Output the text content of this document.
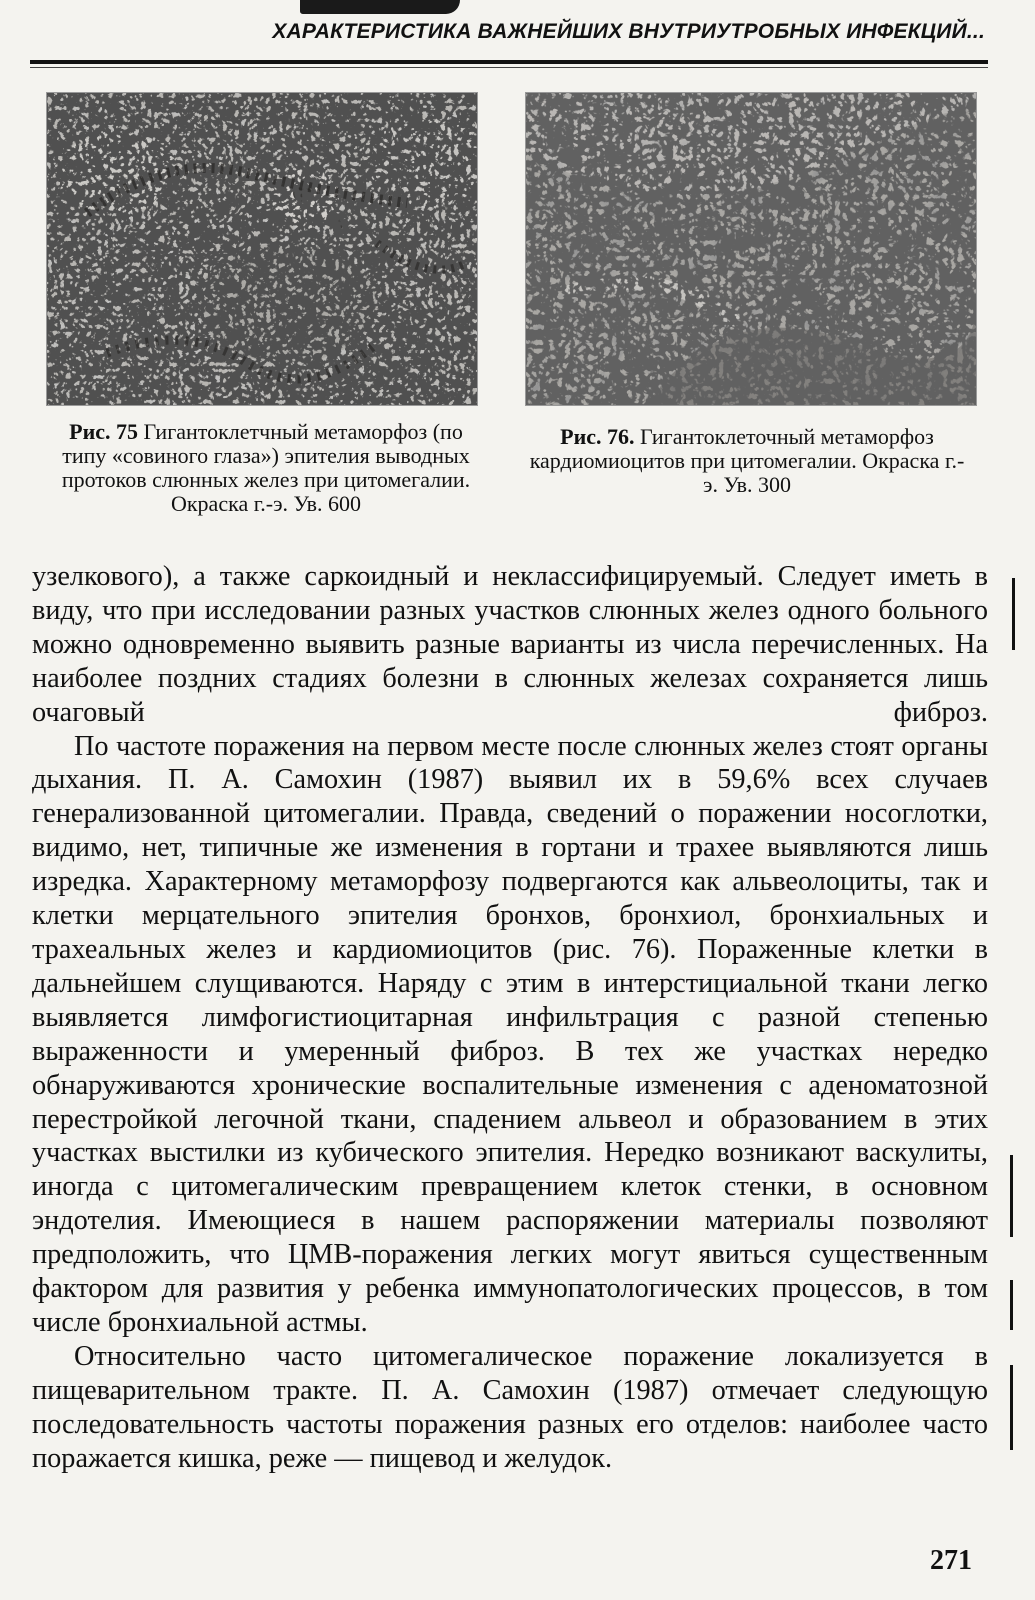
ХАРАКТЕРИСТИКА ВАЖНЕЙШИХ ВНУТРИУТРОБНЫХ ИНФЕКЦИЙ...
Рис. 75 Гигантоклетчный метаморфоз (по типу «совиного глаза») эпителия выводных протоков слюнных желез при цитомегалии. Окраска г.-э. Ув. 600
Рис. 76. Гигантоклеточный метаморфоз кардиомиоцитов при цитомегалии. Окраска г.-э. Ув. 300

узелкового), а также саркоидный и неклассифицируемый. Следует иметь в виду, что при исследовании разных участков слюнных желез одного больного можно одновременно выявить разные варианты из числа перечисленных. На наиболее поздних стадиях болезни в слюнных железах сохраняется лишь очаговый фиброз.

По частоте поражения на первом месте после слюнных желез стоят органы дыхания. П. А. Самохин (1987) выявил их в 59,6% всех случаев генерализованной цитомегалии. Правда, сведений о поражении носоглотки, видимо, нет, типичные же изменения в гортани и трахее выявляются лишь изредка. Характерному метаморфозу подвергаются как альвеолоциты, так и клетки мерцательного эпителия бронхов, бронхиол, бронхиальных и трахеальных желез и кардиомиоцитов (рис. 76). Пораженные клетки в дальнейшем слущиваются. Наряду с этим в интерстициальной ткани легко выявляется лимфогистиоцитарная инфильтрация с разной степенью выраженности и умеренный фиброз. В тех же участках нередко обнаруживаются хронические воспалительные изменения с аденоматозной перестройкой легочной ткани, спадением альвеол и образованием в этих участках выстилки из кубического эпителия. Нередко возникают васкулиты, иногда с цитомегалическим превращением клеток стенки, в основном эндотелия. Имеющиеся в нашем распоряжении материалы позволяют предположить, что ЦМВ-поражения легких могут явиться существенным фактором для развития у ребенка иммунопатологических процессов, в том числе бронхиальной астмы.

Относительно часто цитомегалическое поражение локализуется в пищеварительном тракте. П. А. Самохин (1987) отмечает следующую последовательность частоты поражения разных его отделов: наиболее часто поражается кишка, реже — пищевод и желудок.

271
